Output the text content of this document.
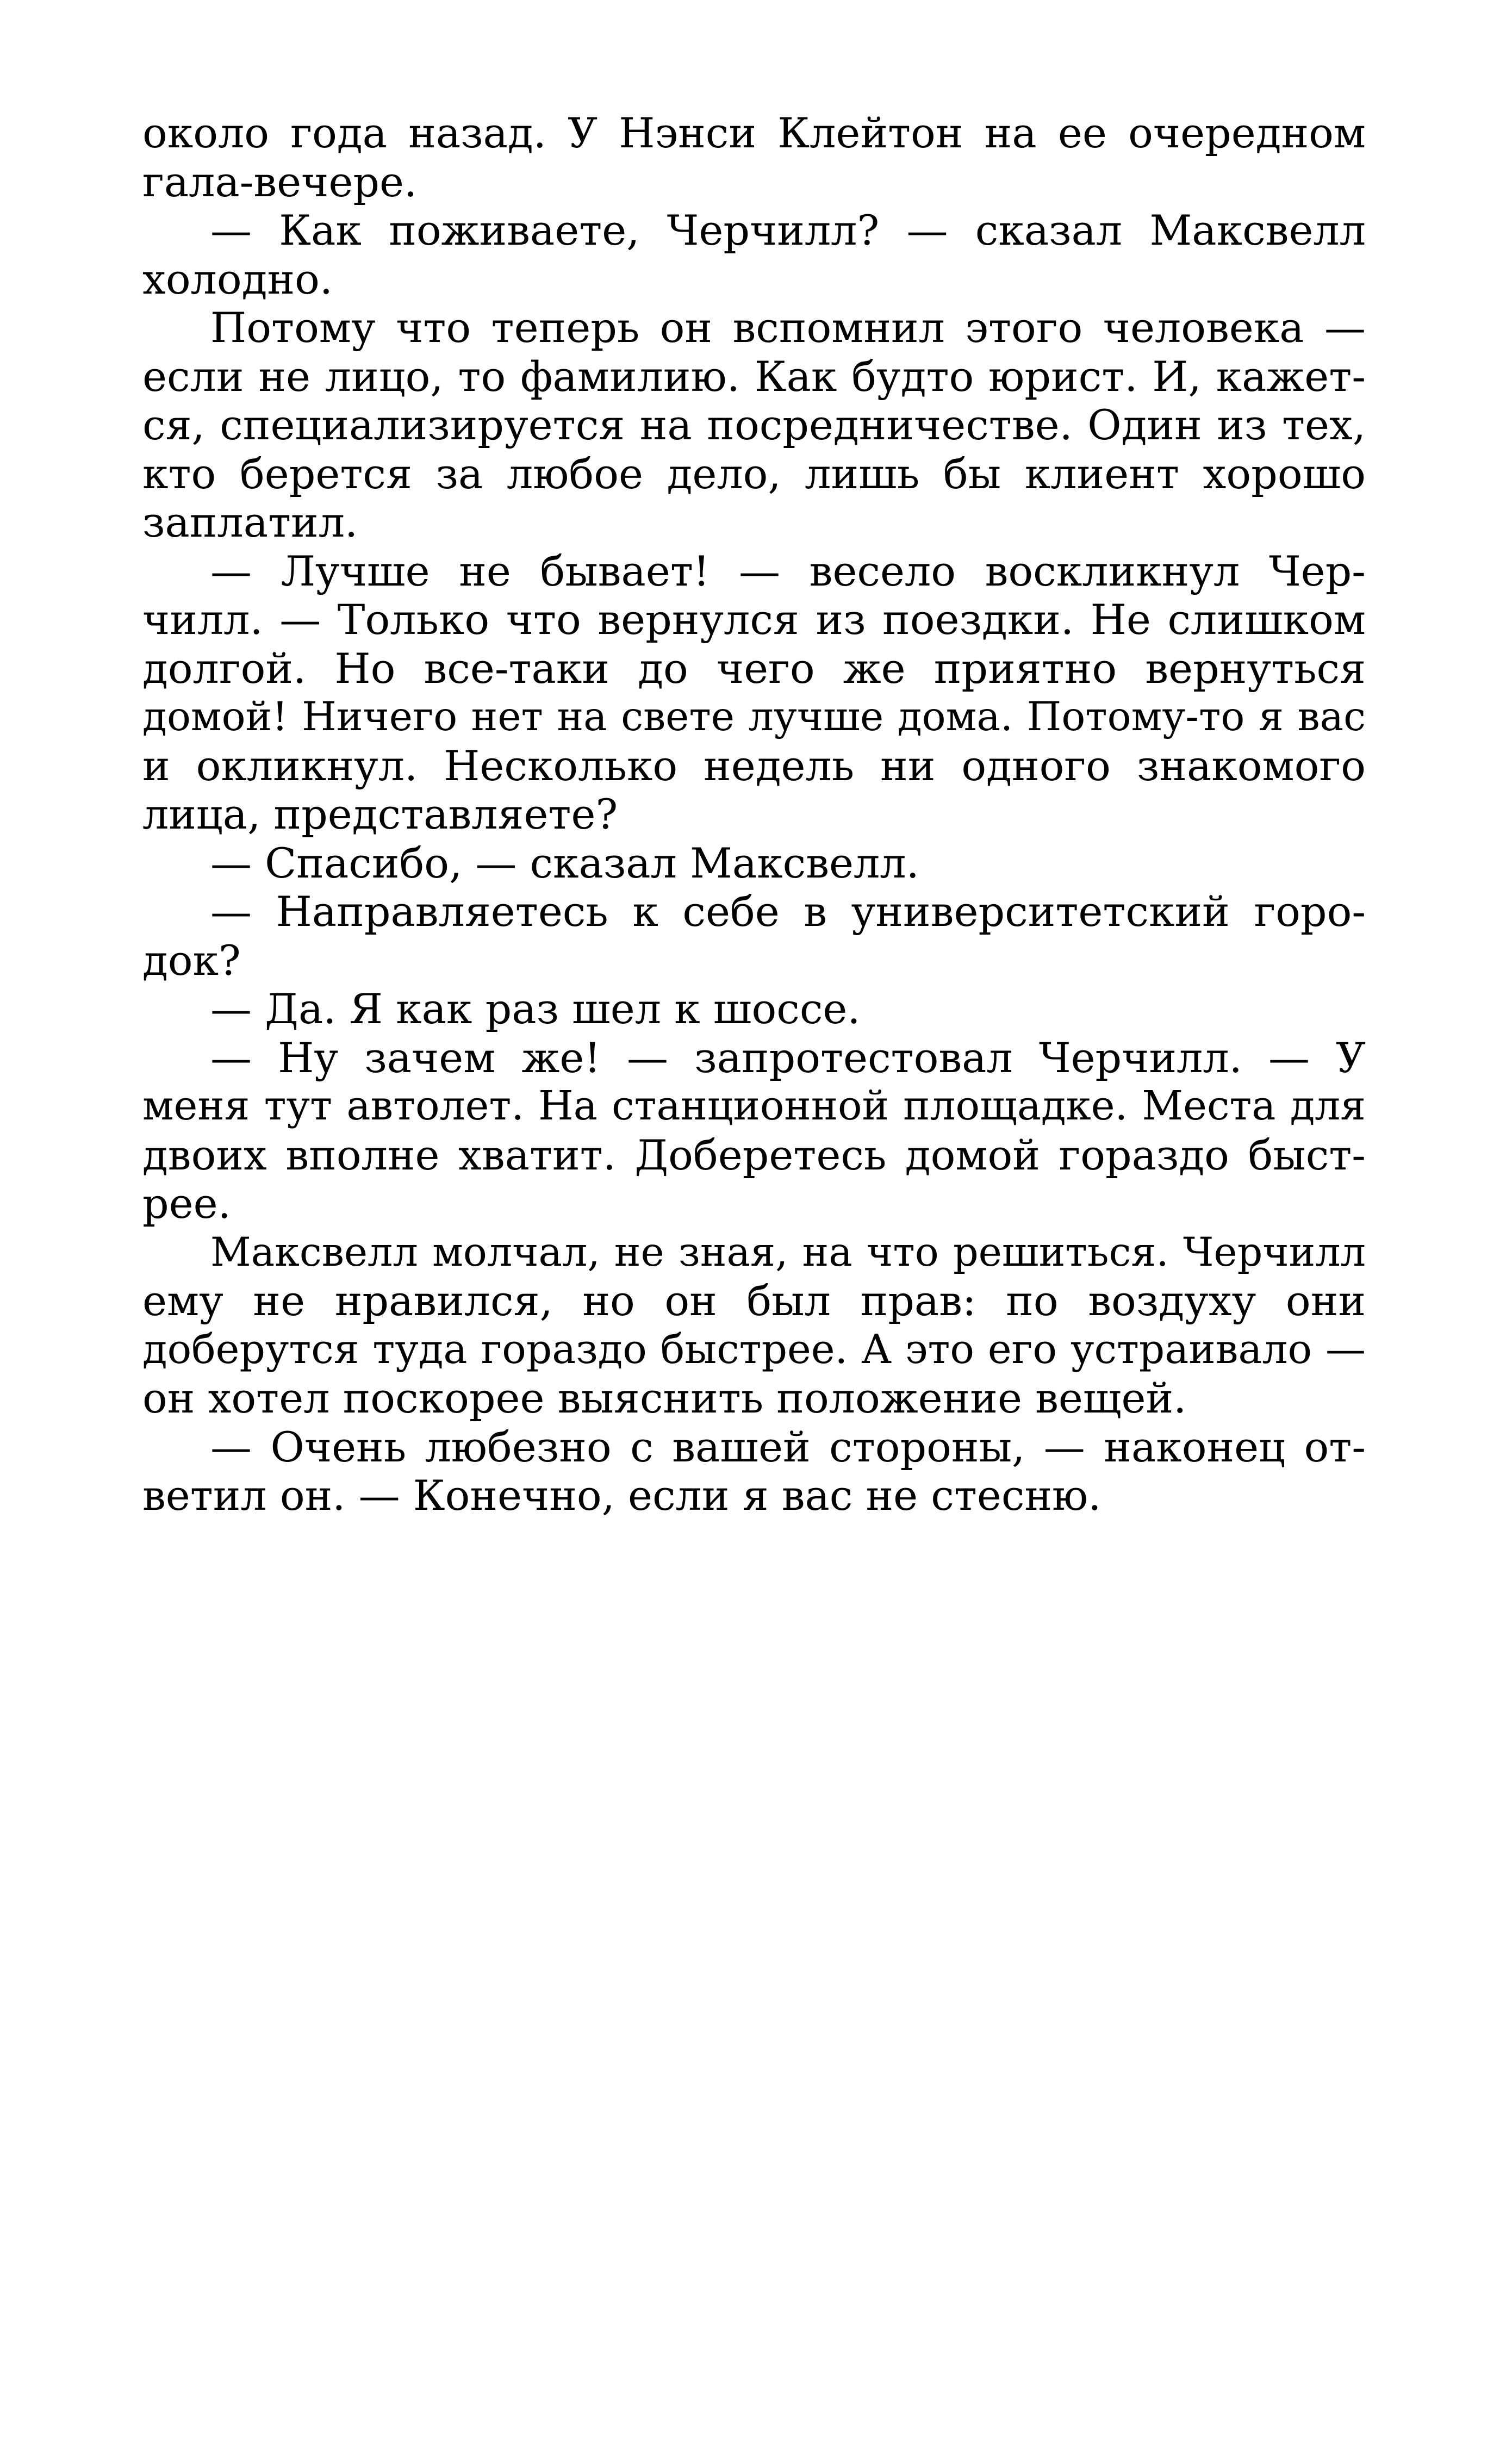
около года назад. У Нэнси Клейтон на ее очередном
гала-вечере.
— Как поживаете, Черчилл? — сказал Максвелл
холодно.
Потому что теперь он вспомнил этого человека —
если не лицо, то фамилию. Как будто юрист. И, кажет-
ся, специализируется на посредничестве. Один из тех,
кто берется за любое дело, лишь бы клиент хорошо
заплатил.
— Лучше не бывает! — весело воскликнул Чер-
чилл. — Только что вернулся из поездки. Не слишком
долгой. Но все-таки до чего же приятно вернуться
домой! Ничего нет на свете лучше дома. Потому-то я вас
и окликнул. Несколько недель ни одного знакомого
лица, представляете?
— Спасибо, — сказал Максвелл.
— Направляетесь к себе в университетский горо-
док?
— Да. Я как раз шел к шоссе.
— Ну зачем же! — запротестовал Черчилл. — У
меня тут автолет. На станционной площадке. Места для
двоих вполне хватит. Доберетесь домой гораздо быст-
рее.
Максвелл молчал, не зная, на что решиться. Черчилл
ему не нравился, но он был прав: по воздуху они
доберутся туда гораздо быстрее. А это его устраивало —
он хотел поскорее выяснить положение вещей.
— Очень любезно с вашей стороны, — наконец от-
ветил он. — Конечно, если я вас не стесню.
